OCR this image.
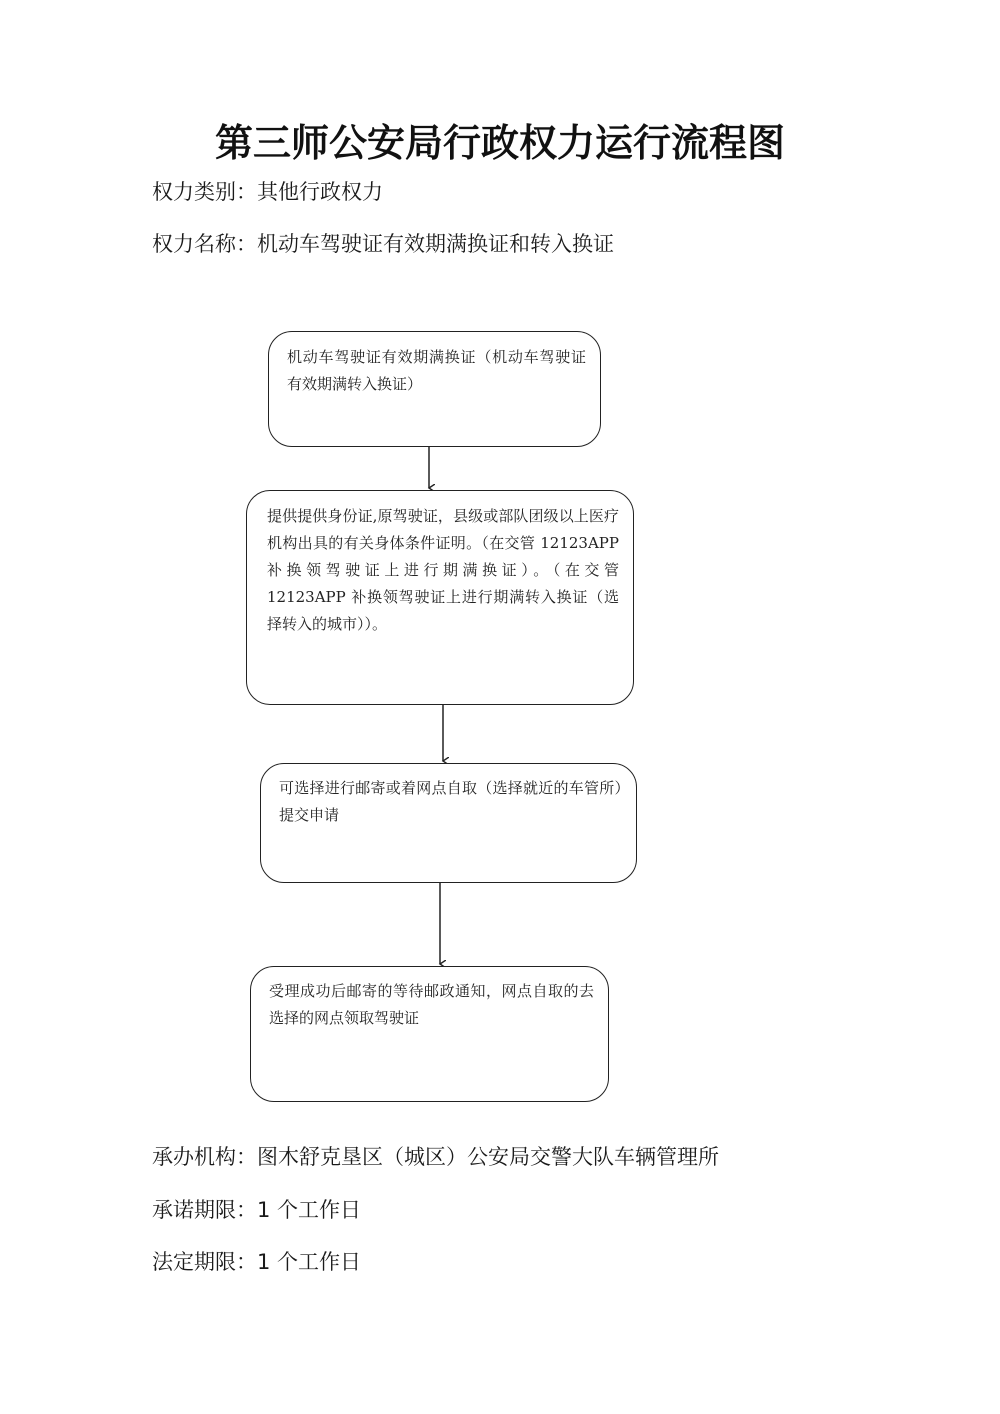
第三师公安局行政权力运行流程图
权力类别：其他行政权力
权力名称：机动车驾驶证有效期满换证和转入换证
机动车驾驶证有效期满换证（机动车驾驶证有效期满转入换证）
提供提供身份证,原驾驶证，县级或部队团级以上医疗机构出具的有关身体条件证明。（在交管 12123APP 补换领驾驶证上进行期满换证）。（在交管 12123APP 补换领驾驶证上进行期满转入换证（选择转入的城市））。
可选择进行邮寄或着网点自取（选择就近的车管所）提交申请
受理成功后邮寄的等待邮政通知，网点自取的去选择的网点领取驾驶证
承办机构：图木舒克垦区（城区）公安局交警大队车辆管理所
承诺期限：1 个工作日
法定期限：1 个工作日
